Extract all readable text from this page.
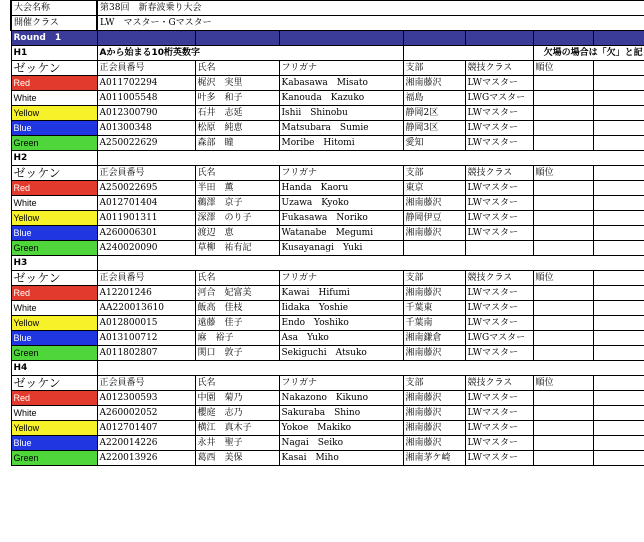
大会名称	第38回　新春波乗り大会						
開催クラス	LW　マスター・Gマスター						
Round　1							
H1	Aから始まる10桁英数字					欠場の場合は「欠」と記	
ゼッケン	正会員番号	氏名	フリガナ	支部	競技クラス	順位	
Red	A011702294	梶沢　実里	Kabasawa　Misato	湘南藤沢	LWマスター		
White	A011005548	叶多　和子	Kanouda　Kazuko	福島	LWGマスター		
Yellow	A012300790	石井　志延	Ishii　Shinobu	静岡2区	LWマスター		
Blue	A01300348	松原　純恵	Matsubara　Sumie	静岡3区	LWマスター		
Green	A250022629	森部　瞳	Moribe　Hitomi	愛知	LWマスター		
H2							
ゼッケン	正会員番号	氏名	フリガナ	支部	競技クラス	順位	
Red	A250022695	半田　薫	Handa　Kaoru	東京	LWマスター		
White	A012701404	鵜澤　京子	Uzawa　Kyoko	湘南藤沢	LWマスター		
Yellow	A011901311	深澤　のり子	Fukasawa　Noriko	静岡伊豆	LWマスター		
Blue	A260006301	渡辺　恵	Watanabe　Megumi	湘南藤沢	LWマスター		
Green	A240020090	草柳　祐有記	Kusayanagi　Yuki				
H3							
ゼッケン	正会員番号	氏名	フリガナ	支部	競技クラス	順位	
Red	A12201246	河合　妃富美	Kawai　Hifumi	湘南藤沢	LWマスター		
White	AA220013610	飯高　佳枝	Iidaka　Yoshie	千葉東	LWマスター		
Yellow	A012800015	遠藤　佳子	Endo　Yoshiko	千葉南	LWマスター		
Blue	A013100712	麻　裕子	Asa　Yuko	湘南鎌倉	LWGマスター		
Green	A011802807	関口　敦子	Sekiguchi　Atsuko	湘南藤沢	LWマスター		
H4							
ゼッケン	正会員番号	氏名	フリガナ	支部	競技クラス	順位	
Red	A012300593	中園　菊乃	Nakazono　Kikuno	湘南藤沢	LWマスター		
White	A260002052	櫻庭　志乃	Sakuraba　Shino	湘南藤沢	LWマスター		
Yellow	A012701407	横江　真木子	Yokoe　Makiko	湘南藤沢	LWマスター		
Blue	A220014226	永井　聖子	Nagai　Seiko	湘南藤沢	LWマスター		
Green	A220013926	葛西　美保	Kasai　Miho	湘南茅ケ崎	LWマスター		
